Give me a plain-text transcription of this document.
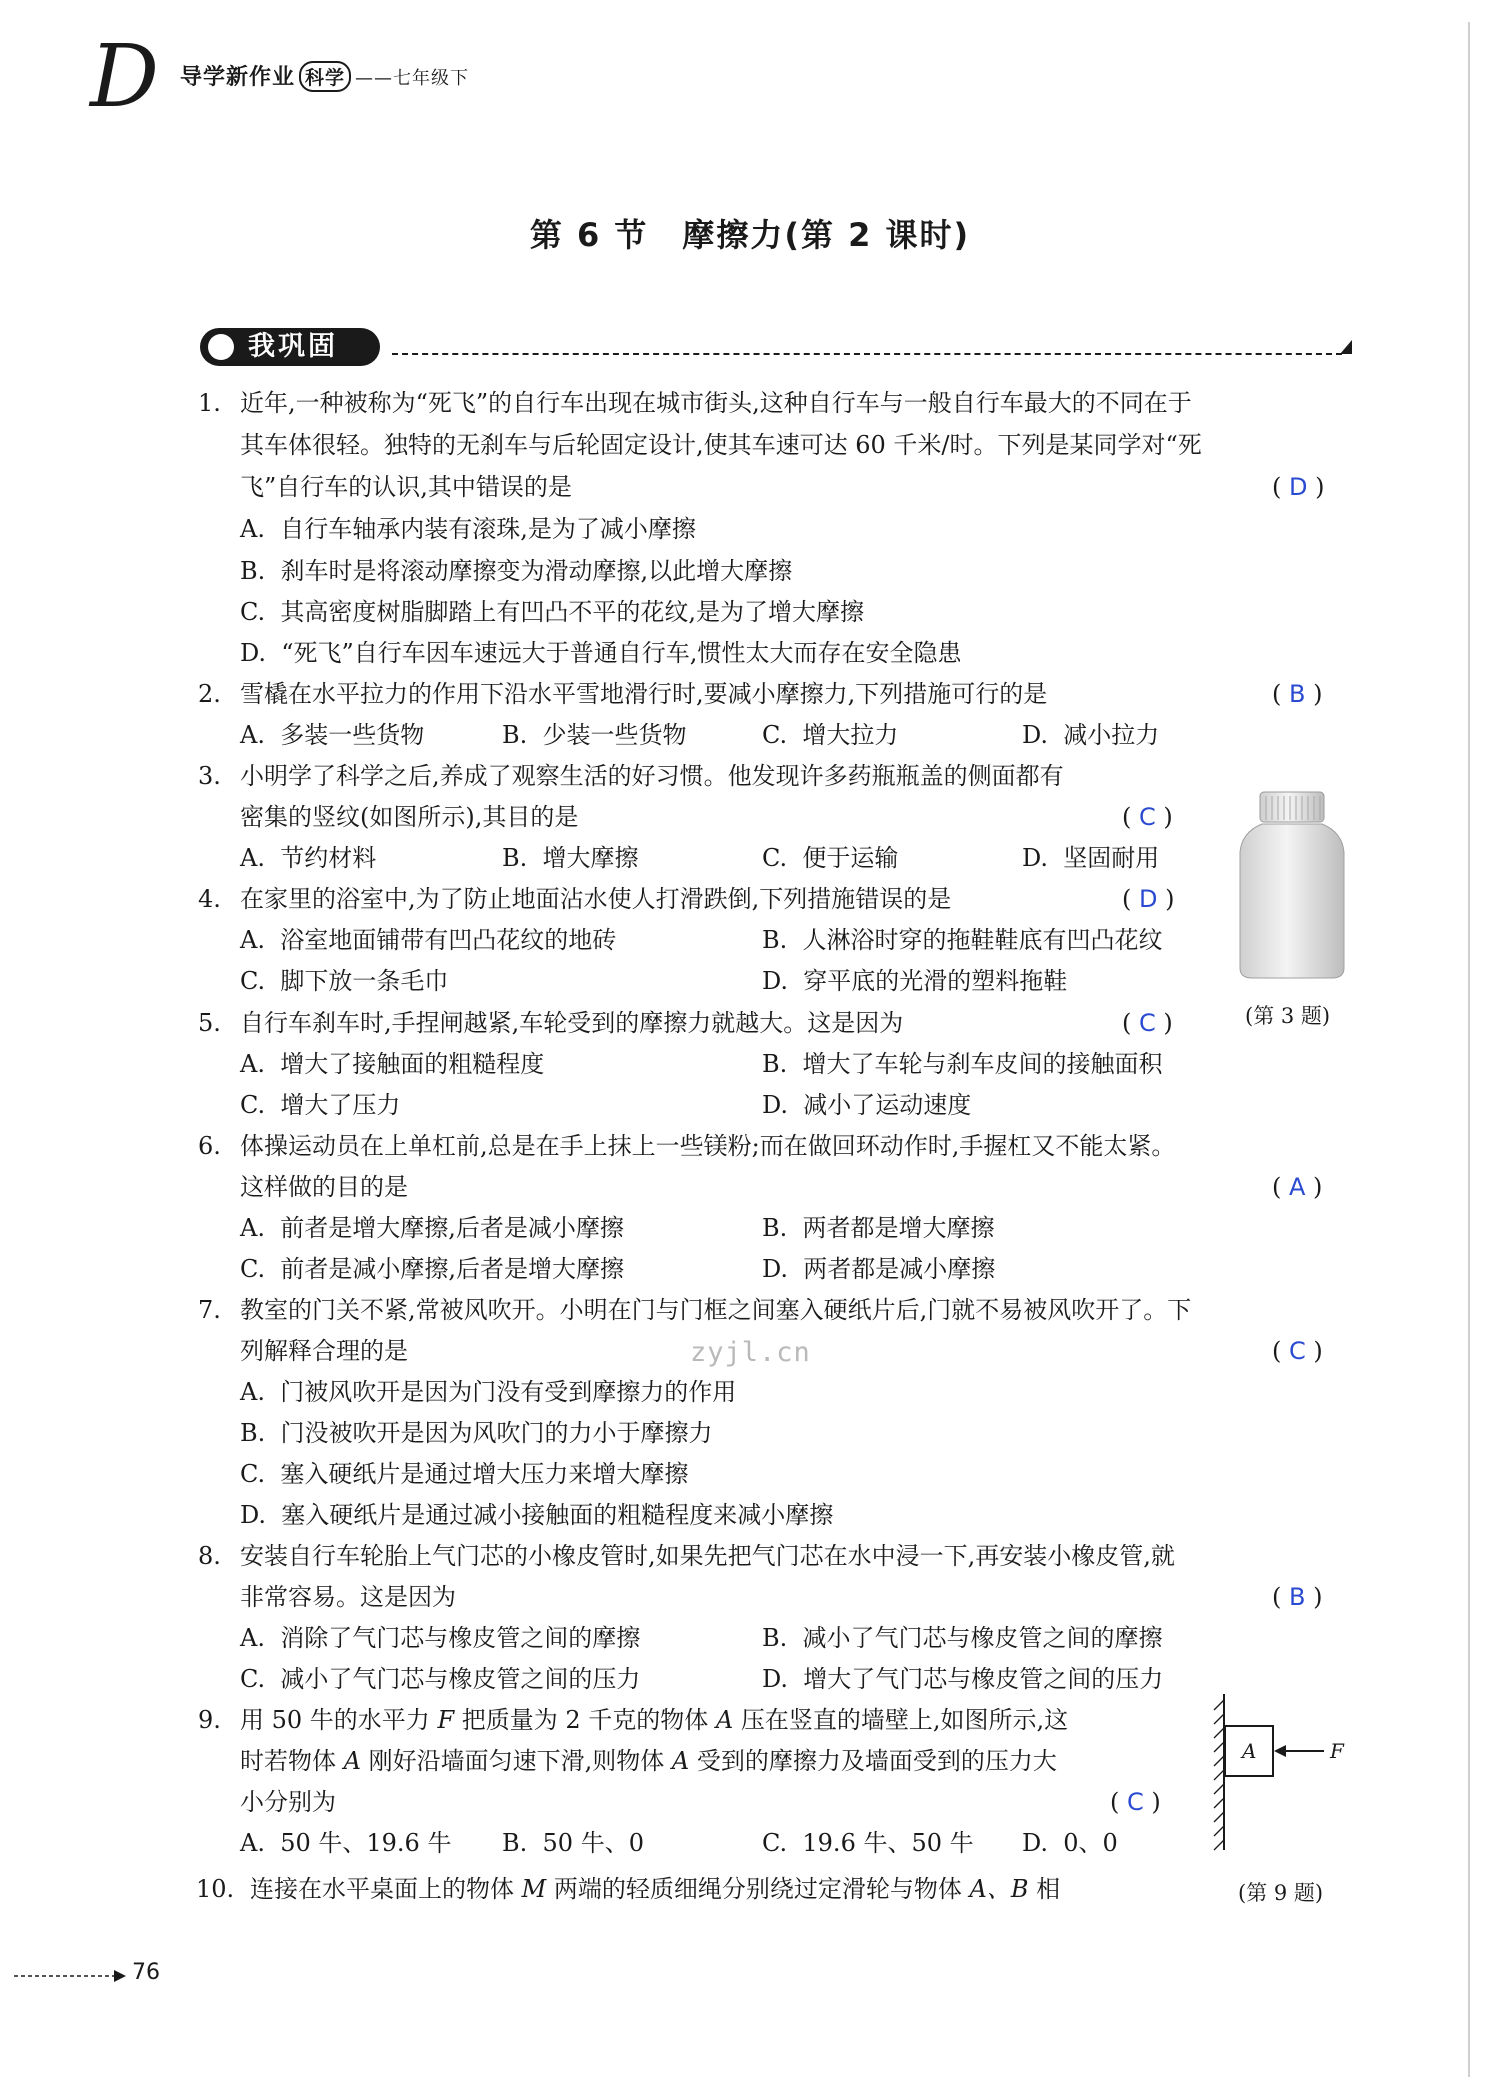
D 导学新作业 科学 ——七年级下
第 6 节　摩擦力(第 2 课时)
我巩固
1. 近年,一种被称为“死飞”的自行车出现在城市街头,这种自行车与一般自行车最大的不同在于
其车体很轻。独特的无刹车与后轮固定设计,使其车速可达 60 千米/时。下列是某同学对“死
飞”自行车的认识,其中错误的是	( D )
A.  自行车轴承内装有滚珠,是为了减小摩擦
B.  刹车时是将滚动摩擦变为滑动摩擦,以此增大摩擦
C.  其高密度树脂脚踏上有凹凸不平的花纹,是为了增大摩擦
D.  “死飞”自行车因车速远大于普通自行车,惯性太大而存在安全隐患
2. 雪橇在水平拉力的作用下沿水平雪地滑行时,要减小摩擦力,下列措施可行的是	( B )
A.  多装一些货物	B.  少装一些货物	C.  增大拉力	D.  减小拉力
3. 小明学了科学之后,养成了观察生活的好习惯。他发现许多药瓶瓶盖的侧面都有
密集的竖纹(如图所示),其目的是	( C )
A.  节约材料	B.  增大摩擦	C.  便于运输	D.  坚固耐用
4. 在家里的浴室中,为了防止地面沾水使人打滑跌倒,下列措施错误的是	( D )
A.  浴室地面铺带有凹凸花纹的地砖	B.  人淋浴时穿的拖鞋鞋底有凹凸花纹
C.  脚下放一条毛巾	D.  穿平底的光滑的塑料拖鞋
(第 3 题)
5. 自行车刹车时,手捏闸越紧,车轮受到的摩擦力就越大。这是因为	( C )
A.  增大了接触面的粗糙程度	B.  增大了车轮与刹车皮间的接触面积
C.  增大了压力	D.  减小了运动速度
6. 体操运动员在上单杠前,总是在手上抹上一些镁粉;而在做回环动作时,手握杠又不能太紧。
这样做的目的是	( A )
A.  前者是增大摩擦,后者是减小摩擦	B.  两者都是增大摩擦
C.  前者是减小摩擦,后者是增大摩擦	D.  两者都是减小摩擦
7. 教室的门关不紧,常被风吹开。小明在门与门框之间塞入硬纸片后,门就不易被风吹开了。下
列解释合理的是	( C )
A.  门被风吹开是因为门没有受到摩擦力的作用
B.  门没被吹开是因为风吹门的力小于摩擦力
C.  塞入硬纸片是通过增大压力来增大摩擦
D.  塞入硬纸片是通过减小接触面的粗糙程度来减小摩擦
zyjl.cn
8. 安装自行车轮胎上气门芯的小橡皮管时,如果先把气门芯在水中浸一下,再安装小橡皮管,就
非常容易。这是因为	( B )
A.  消除了气门芯与橡皮管之间的摩擦	B.  减小了气门芯与橡皮管之间的摩擦
C.  减小了气门芯与橡皮管之间的压力	D.  增大了气门芯与橡皮管之间的压力
9. 用 50 牛的水平力 F 把质量为 2 千克的物体 A 压在竖直的墙壁上,如图所示,这
时若物体 A 刚好沿墙面匀速下滑,则物体 A 受到的摩擦力及墙面受到的压力大
小分别为	( C )
A.  50 牛、19.6 牛 B.  50 牛、0	C.  19.6 牛、50 牛 D.  0、0
A	F
(第 9 题)
10. 连接在水平桌面上的物体 M 两端的轻质细绳分别绕过定滑轮与物体 A、B 相
76
